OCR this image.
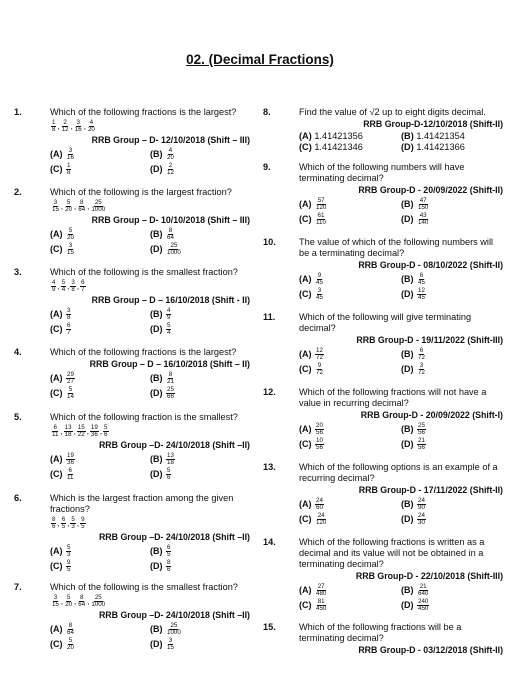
02. (Decimal Fractions)
1.	Which of the following fractions is the largest?
$\frac{1}{8}$ , $\frac{2}{12}$ , $\frac{3}{16}$ , $\frac{4}{20}$
RRB Group – D- 12/10/2018 (Shift – III)
$(A) \frac{3}{16}$	$(B) \frac{4}{20}$
$(C) \frac{1}{8}$	$(D) \frac{2}{12}$
2.	Which of the following is the largest fraction?
$\frac{3}{15}$ , $\frac{5}{20}$ , $\frac{8}{64}$ , $\frac{25}{1000}$
RRB Group – D- 10/10/2018 (Shift – III)
$(A) \frac{5}{20}$	$(B) \frac{8}{64}$
$(C) \frac{3}{15}$	$(D) \frac{25}{1000}$
3.	Which of the following is the smallest fraction?
$\frac{4}{9}$ , $\frac{5}{4}$ , $\frac{3}{8}$ , $\frac{6}{7}$
RRB Group – D – 16/10/2018 (Shift - II)
$(A) \frac{3}{8}$	$(B) \frac{4}{9}$
$(C) \frac{6}{7}$	$(D) \frac{5}{4}$
4.	Which of the following fractions is the largest?
RRB Group – D – 16/10/2018 (Shift – II)
$(A) \frac{29}{27}$	$(B) \frac{8}{21}$
$(C) \frac{5}{14}$	$(D) \frac{25}{66}$
5.	Which of the following fraction is the smallest?
$\frac{6}{11}$ , $\frac{13}{18}$ , $\frac{15}{22}$ , $\frac{19}{36}$ , $\frac{5}{6}$
RRB Group –D- 24/10/2018 (Shift –II)
$(A) \frac{19}{36}$	$(B) \frac{13}{18}$
$(C) \frac{6}{11}$	$(D) \frac{5}{6}$
6.	Which is the largest fraction among the given fractions?
$\frac{8}{6}$ , $\frac{6}{5}$ , $\frac{5}{3}$ , $\frac{9}{5}$
RRB Group –D- 24/10/2018 (Shift –II)
$(A) \frac{5}{3}$	$(B) \frac{6}{5}$
$(C) \frac{9}{5}$	$(D) \frac{8}{6}$
7.	Which of the following is the smallest fraction?
$\frac{3}{15}$ , $\frac{5}{20}$ , $\frac{8}{64}$ , $\frac{25}{1000}$
RRB Group –D- 24/10/2018 (Shift –II)
$(A) \frac{8}{64}$	$(B) \frac{25}{1000}$
$(C) \frac{5}{20}$	$(D) \frac{3}{15}$
8.	Find the value of √2 up to eight digits decimal.
RRB Group-D-12/10/2018 (Shift-II)
(A) 1.41421356	(B) 1.41421354
(C) 1.41421346	(D) 1.41421366
9.	Which of the following numbers will have terminating decimal?
RRB Group-D - 20/09/2022 (Shift-II)
$(A) \frac{57}{120}$	$(B) \frac{47}{150}$
$(C) \frac{61}{110}$	$(D) \frac{43}{140}$
10.	The value of which of the following numbers will be a terminating decimal?
RRB Group-D - 08/10/2022 (Shift-II)
$(A) \frac{9}{45}$	$(B) \frac{6}{45}$
$(C) \frac{3}{45}$	$(D) \frac{12}{45}$
11.	Which of the following will give terminating decimal?
RRB Group-D - 19/11/2022 (Shift-III)
$(A) \frac{12}{72}$	$(B) \frac{6}{72}$
$(C) \frac{9}{72}$	$(D) \frac{3}{72}$
12.	Which of the following fractions will not have a value in recurring decimal?
RRB Group-D - 20/09/2022 (Shift-I)
$(A) \frac{20}{56}$	$(B) \frac{25}{56}$
$(C) \frac{10}{56}$	$(D) \frac{21}{56}$
13.	Which of the following options is an example of a recurring decimal?
RRB Group-D - 17/11/2022 (Shift-II)
$(A) \frac{24}{60}$	$(B) \frac{24}{90}$
$(C) \frac{24}{120}$	$(D) \frac{24}{30}$
14.	Which of the following fractions is written as a decimal and its value will not be obtained in a terminating decimal?
RRB Group-D - 22/10/2018 (Shift-III)
$(A) \frac{27}{480}$	$(B) \frac{21}{640}$
$(C) \frac{81}{450}$	$(D) \frac{240}{450}$
15.	Which of the following fractions will be a terminating decimal?
RRB Group-D - 03/12/2018 (Shift-II)
